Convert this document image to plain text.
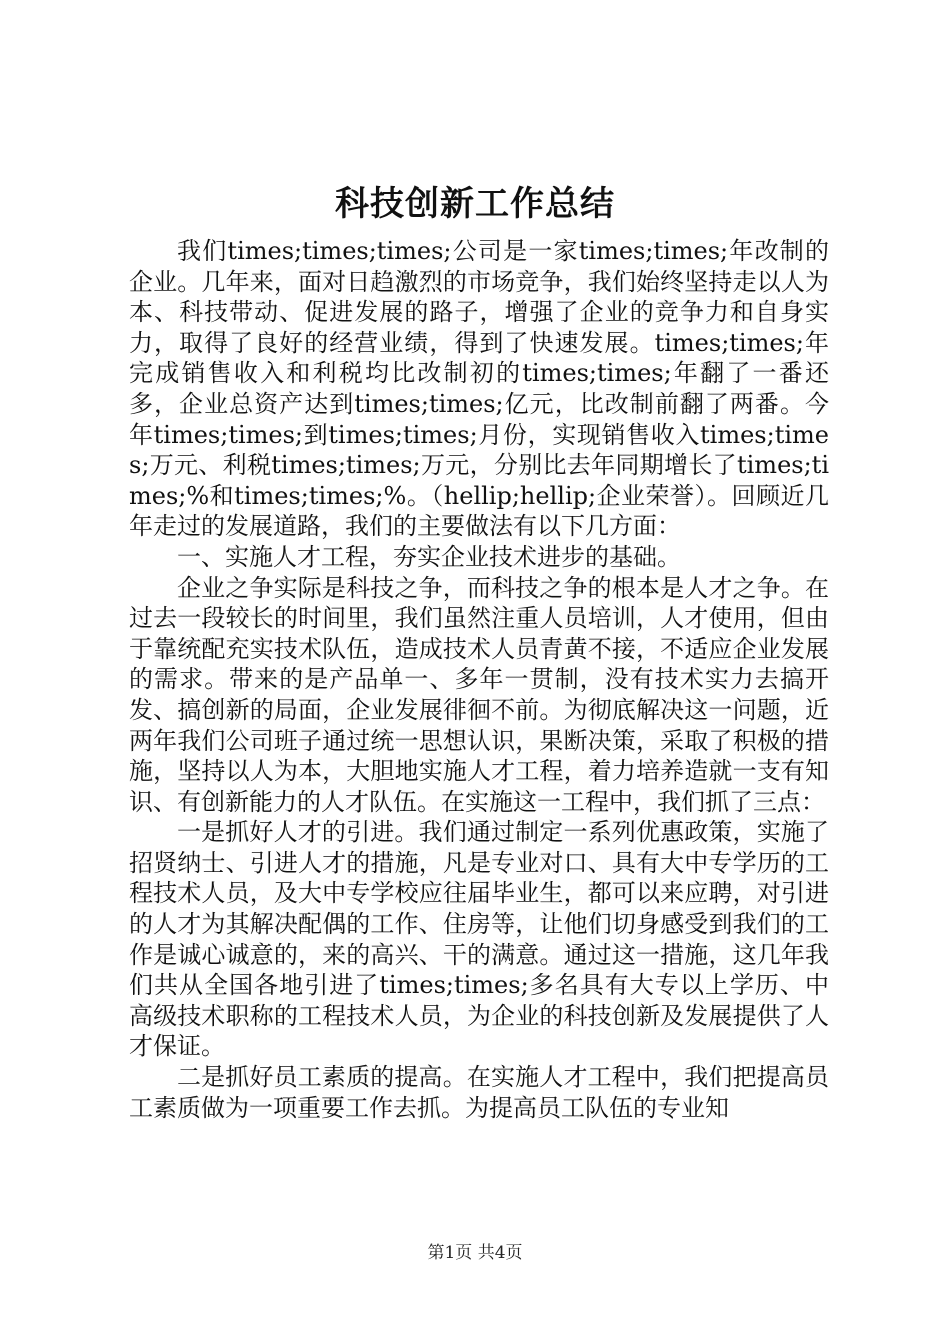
科技创新工作总结

我们times;times;times;公司是一家times;times;年改制的企业。几年来，面对日趋激烈的市场竞争，我们始终坚持走以人为本、科技带动、促进发展的路子，增强了企业的竞争力和自身实力，取得了良好的经营业绩，得到了快速发展。times;times;年完成销售收入和利税均比改制初的times;times;年翻了一番还多，企业总资产达到times;times;亿元，比改制前翻了两番。今年times;times;到times;times;月份，实现销售收入times;times;万元、利税times;times;万元，分别比去年同期增长了times;times;%和times;times;%。（hellip;hellip;企业荣誉）。回顾近几年走过的发展道路，我们的主要做法有以下几方面：

一、实施人才工程，夯实企业技术进步的基础。

企业之争实际是科技之争，而科技之争的根本是人才之争。在过去一段较长的时间里，我们虽然注重人员培训，人才使用，但由于靠统配充实技术队伍，造成技术人员青黄不接，不适应企业发展的需求。带来的是产品单一、多年一贯制，没有技术实力去搞开发、搞创新的局面，企业发展徘徊不前。为彻底解决这一问题，近两年我们公司班子通过统一思想认识，果断决策，采取了积极的措施，坚持以人为本，大胆地实施人才工程，着力培养造就一支有知识、有创新能力的人才队伍。在实施这一工程中，我们抓了三点：

一是抓好人才的引进。我们通过制定一系列优惠政策，实施了招贤纳士、引进人才的措施，凡是专业对口、具有大中专学历的工程技术人员，及大中专学校应往届毕业生，都可以来应聘，对引进的人才为其解决配偶的工作、住房等，让他们切身感受到我们的工作是诚心诚意的，来的高兴、干的满意。通过这一措施，这几年我们共从全国各地引进了times;times;多名具有大专以上学历、中高级技术职称的工程技术人员，为企业的科技创新及发展提供了人才保证。

二是抓好员工素质的提高。在实施人才工程中，我们把提高员工素质做为一项重要工作去抓。为提高员工队伍的专业知

第1页 共4页
